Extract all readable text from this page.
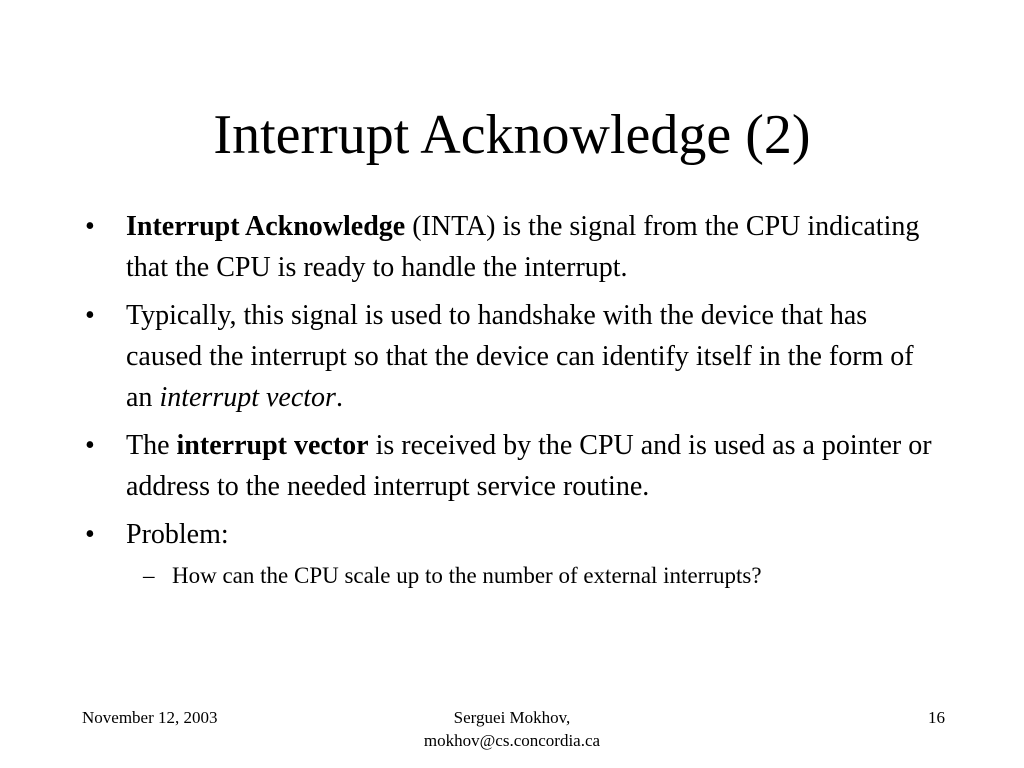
Interrupt Acknowledge (2)
•	Interrupt Acknowledge (INTA) is the signal from the CPU indicating that the CPU is ready to handle the interrupt.
•	Typically, this signal is used to handshake with the device that has caused the interrupt so that the device can identify itself in the form of an interrupt vector.
•	The interrupt vector is received by the CPU and is used as a pointer or address to the needed interrupt service routine.
•	Problem:
– How can the CPU scale up to the number of external interrupts?
November 12, 2003	Serguei Mokhov,
mokhov@cs.concordia.ca
16
